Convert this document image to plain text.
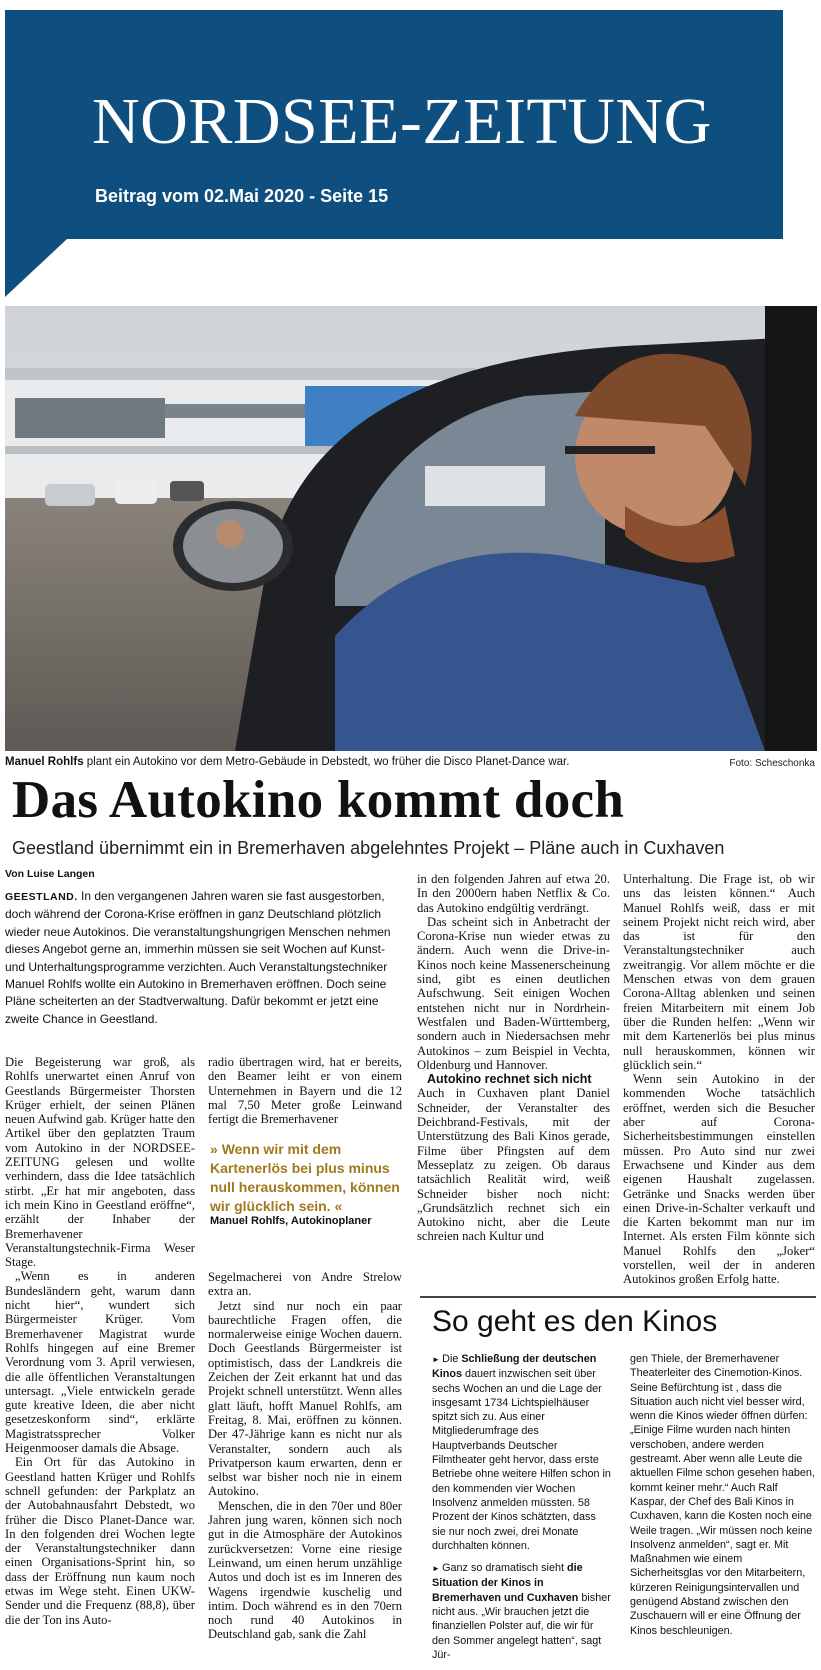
NORDSEE-ZEITUNG
Beitrag vom 02.Mai 2020 - Seite 15
Manuel Rohlfs plant ein Autokino vor dem Metro-Gebäude in Debstedt, wo früher die Disco Planet-Dance war.	Foto: Scheschonka
Das Autokino kommt doch
Geestland übernimmt ein in Bremerhaven abgelehntes Projekt – Pläne auch in Cuxhaven
Von Luise Langen
GEESTLAND. In den vergangenen Jahren waren sie fast ausgestorben, doch während der Corona-Krise eröffnen in ganz Deutschland plötzlich wieder neue Autokinos. Die veranstaltungshungrigen Menschen nehmen dieses Angebot gerne an, immerhin müssen sie seit Wochen auf Kunst- und Unterhaltungsprogramme verzichten. Auch Veranstaltungstechniker Manuel Rohlfs wollte ein Autokino in Bremerhaven eröffnen. Doch seine Pläne scheiterten an der Stadtverwaltung. Dafür bekommt er jetzt eine zweite Chance in Geestland.

Die Begeisterung war groß, als Rohlfs unerwartet einen Anruf von Geestlands Bürgermeister Thorsten Krüger erhielt, der seinen Plänen neuen Aufwind gab. Krüger hatte den Artikel über den geplatzten Traum vom Autokino in der NORDSEE-ZEITUNG gelesen und wollte verhindern, dass die Idee tatsächlich stirbt. „Er hat mir angeboten, dass ich mein Kino in Geestland eröffne“, erzählt der Inhaber der Bremerhavener Veranstaltungstechnik-Firma Weser Stage.

„Wenn es in anderen Bundesländern geht, warum dann nicht hier“, wundert sich Bürgermeister Krüger. Vom Bremerhavener Magistrat wurde Rohlfs hingegen auf eine Bremer Verordnung vom 3. April verwiesen, die alle öffentlichen Veranstaltungen untersagt. „Viele entwickeln gerade gute kreative Ideen, die aber nicht gesetzeskonform sind“, erklärte Magistratssprecher Volker Heigenmooser damals die Absage.

Ein Ort für das Autokino in Geestland hatten Krüger und Rohlfs schnell gefunden: der Parkplatz an der Autobahnausfahrt Debstedt, wo früher die Disco Planet-Dance war. In den folgenden drei Wochen legte der Veranstaltungstechniker dann einen Organisations-Sprint hin, so dass der Eröffnung nun kaum noch etwas im Wege steht. Einen UKW-Sender und die Frequenz (88,8), über die der Ton ins Auto-

radio übertragen wird, hat er bereits, den Beamer leiht er von einem Unternehmen in Bayern und die 12 mal 7,50 Meter große Leinwand fertigt die Bremerhavener

» Wenn wir mit dem Kartenerlös bei plus minus null herauskommen, können wir glücklich sein. «
Manuel Rohlfs, Autokinoplaner

Segelmacherei von Andre Strelow extra an.

Jetzt sind nur noch ein paar baurechtliche Fragen offen, die normalerweise einige Wochen dauern. Doch Geestlands Bürgermeister ist optimistisch, dass der Landkreis die Zeichen der Zeit erkannt hat und das Projekt schnell unterstützt. Wenn alles glatt läuft, hofft Manuel Rohlfs, am Freitag, 8. Mai, eröffnen zu können. Der 47-Jährige kann es nicht nur als Veranstalter, sondern auch als Privatperson kaum erwarten, denn er selbst war bisher noch nie in einem Autokino.

Menschen, die in den 70er und 80er Jahren jung waren, können sich noch gut in die Atmosphäre der Autokinos zurückversetzen: Vorne eine riesige Leinwand, um einen herum unzählige Autos und doch ist es im Inneren des Wagens irgendwie kuschelig und intim. Doch während es in den 70ern noch rund 40 Autokinos in Deutschland gab, sank die Zahl

in den folgenden Jahren auf etwa 20. In den 2000ern haben Netflix & Co. das Autokino endgültig verdrängt.

Das scheint sich in Anbetracht der Corona-Krise nun wieder etwas zu ändern. Auch wenn die Drive-in-Kinos noch keine Massenerscheinung sind, gibt es einen deutlichen Aufschwung. Seit einigen Wochen entstehen nicht nur in Nordrhein-Westfalen und Baden-Württemberg, sondern auch in Niedersachsen mehr Autokinos – zum Beispiel in Vechta, Oldenburg und Hannover.

Autokino rechnet sich nicht

Auch in Cuxhaven plant Daniel Schneider, der Veranstalter des Deichbrand-Festivals, mit der Unterstützung des Bali Kinos gerade, Filme über Pfingsten auf dem Messeplatz zu zeigen. Ob daraus tatsächlich Realität wird, weiß Schneider bisher noch nicht: „Grundsätzlich rechnet sich ein Autokino nicht, aber die Leute schreien nach Kultur und

Unterhaltung. Die Frage ist, ob wir uns das leisten können.“ Auch Manuel Rohlfs weiß, dass er mit seinem Projekt nicht reich wird, aber das ist für den Veranstaltungstechniker auch zweitrangig. Vor allem möchte er die Menschen etwas von dem grauen Corona-Alltag ablenken und seinen freien Mitarbeitern mit einem Job über die Runden helfen: „Wenn wir mit dem Kartenerlös bei plus minus null herauskommen, können wir glücklich sein.“

Wenn sein Autokino in der kommenden Woche tatsächlich eröffnet, werden sich die Besucher aber auf Corona-Sicherheitsbestimmungen einstellen müssen. Pro Auto sind nur zwei Erwachsene und Kinder aus dem eigenen Haushalt zugelassen. Getränke und Snacks werden über einen Drive-in-Schalter verkauft und die Karten bekommt man nur im Internet. Als ersten Film könnte sich Manuel Rohlfs den „Joker“ vorstellen, weil der in anderen Autokinos großen Erfolg hatte.

So geht es den Kinos

► Die Schließung der deutschen Kinos dauert inzwischen seit über sechs Wochen an und die Lage der insgesamt 1734 Lichtspielhäuser spitzt sich zu. Aus einer Mitgliederumfrage des Hauptverbands Deutscher Filmtheater geht hervor, dass erste Betriebe ohne weitere Hilfen schon in den kommenden vier Wochen Insolvenz anmelden müssten. 58 Prozent der Kinos schätzten, dass sie nur noch zwei, drei Monate durchhalten können.

► Ganz so dramatisch sieht die Situation der Kinos in Bremerhaven und Cuxhaven bisher nicht aus. „Wir brauchen jetzt die finanziellen Polster auf, die wir für den Sommer angelegt hatten“, sagt Jür-

gen Thiele, der Bremerhavener Theaterleiter des Cinemotion-Kinos. Seine Befürchtung ist , dass die Situation auch nicht viel besser wird, wenn die Kinos wieder öffnen dürfen: „Einige Filme wurden nach hinten verschoben, andere werden gestreamt. Aber wenn alle Leute die aktuellen Filme schon gesehen haben, kommt keiner mehr.“ Auch Ralf Kaspar, der Chef des Bali Kinos in Cuxhaven, kann die Kosten noch eine Weile tragen. „Wir müssen noch keine Insolvenz anmelden“, sagt er. Mit Maßnahmen wie einem Sicherheitsglas vor den Mitarbeitern, kürzeren Reinigungsintervallen und genügend Abstand zwischen den Zuschauern will er eine Öffnung der Kinos beschleunigen.
